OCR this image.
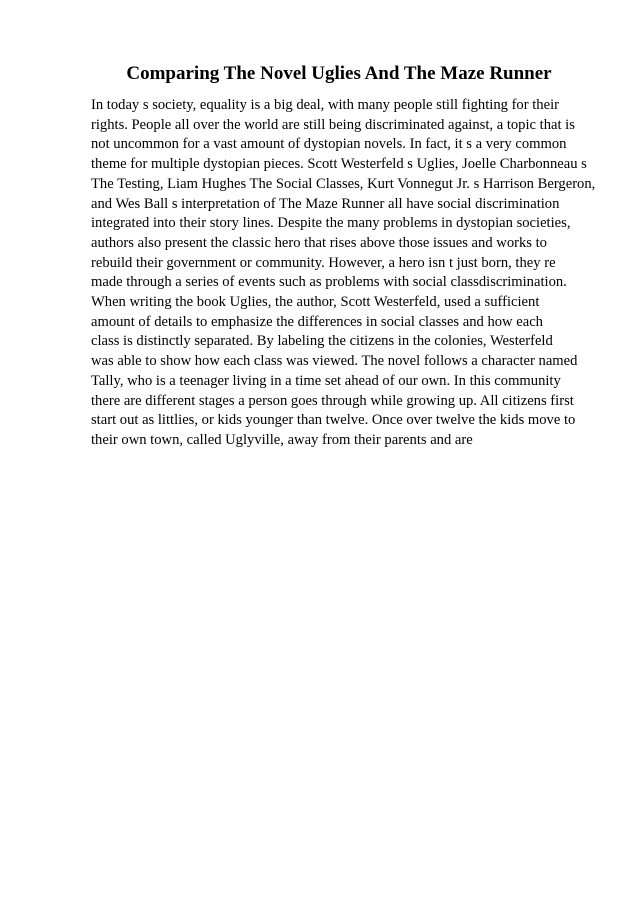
Comparing The Novel Uglies And The Maze Runner
In today s society, equality is a big deal, with many people still fighting for their
rights. People all over the world are still being discriminated against, a topic that is
not uncommon for a vast amount of dystopian novels. In fact, it s a very common
theme for multiple dystopian pieces. Scott Westerfeld s Uglies, Joelle Charbonneau s
The Testing, Liam Hughes The Social Classes, Kurt Vonnegut Jr. s Harrison Bergeron,
and Wes Ball s interpretation of The Maze Runner all have social discrimination
integrated into their story lines. Despite the many problems in dystopian societies,
authors also present the classic hero that rises above those issues and works to
rebuild their government or community. However, a hero isn t just born, they re
made through a series of events such as problems with social classdiscrimination.
When writing the book Uglies, the author, Scott Westerfeld, used a sufficient
amount of details to emphasize the differences in social classes and how each
class is distinctly separated. By labeling the citizens in the colonies, Westerfeld
was able to show how each class was viewed. The novel follows a character named
Tally, who is a teenager living in a time set ahead of our own. In this community
there are different stages a person goes through while growing up. All citizens first
start out as littlies, or kids younger than twelve. Once over twelve the kids move to
their own town, called Uglyville, away from their parents and are
